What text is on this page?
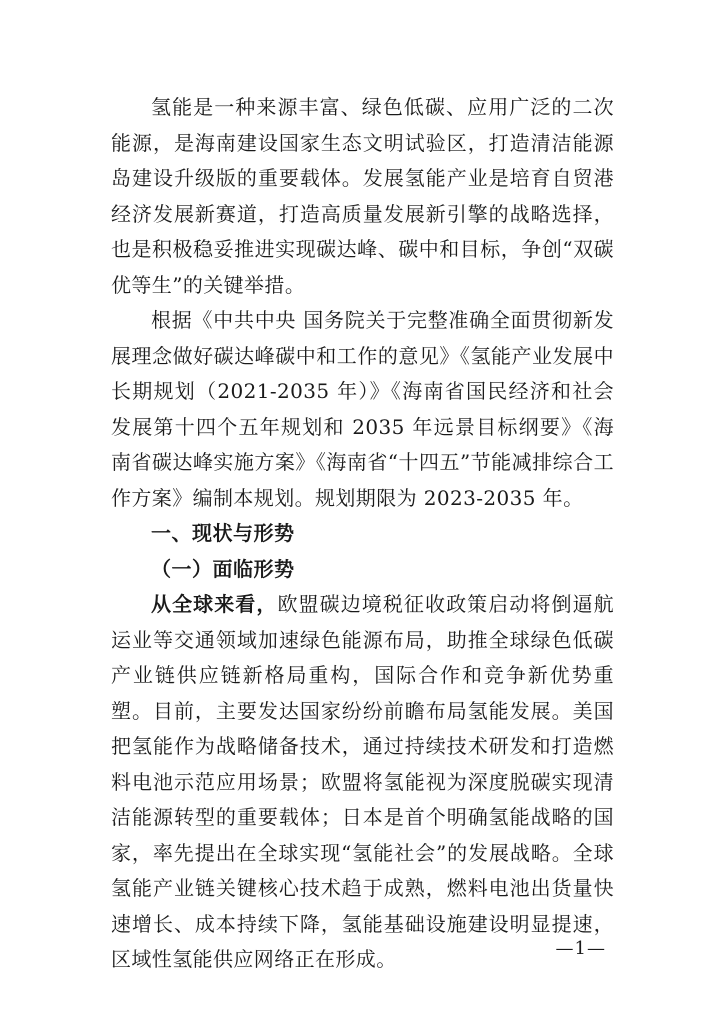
氢能是一种来源丰富、绿色低碳、应用广泛的二次能源，是海南建设国家生态文明试验区，打造清洁能源岛建设升级版的重要载体。发展氢能产业是培育自贸港经济发展新赛道，打造高质量发展新引擎的战略选择，也是积极稳妥推进实现碳达峰、碳中和目标，争创“双碳优等生”的关键举措。

根据《中共中央 国务院关于完整准确全面贯彻新发展理念做好碳达峰碳中和工作的意见》《氢能产业发展中长期规划（2021-2035 年）》《海南省国民经济和社会发展第十四个五年规划和 2035 年远景目标纲要》《海南省碳达峰实施方案》《海南省“十四五”节能减排综合工作方案》编制本规划。规划期限为 2023-2035 年。

一、现状与形势

（一）面临形势

从全球来看，欧盟碳边境税征收政策启动将倒逼航运业等交通领域加速绿色能源布局，助推全球绿色低碳产业链供应链新格局重构，国际合作和竞争新优势重塑。目前，主要发达国家纷纷前瞻布局氢能发展。美国把氢能作为战略储备技术，通过持续技术研发和打造燃料电池示范应用场景；欧盟将氢能视为深度脱碳实现清洁能源转型的重要载体；日本是首个明确氢能战略的国家，率先提出在全球实现“氢能社会”的发展战略。全球氢能产业链关键核心技术趋于成熟，燃料电池出货量快速增长、成本持续下降，氢能基础设施建设明显提速，区域性氢能供应网络正在形成。	—1—
